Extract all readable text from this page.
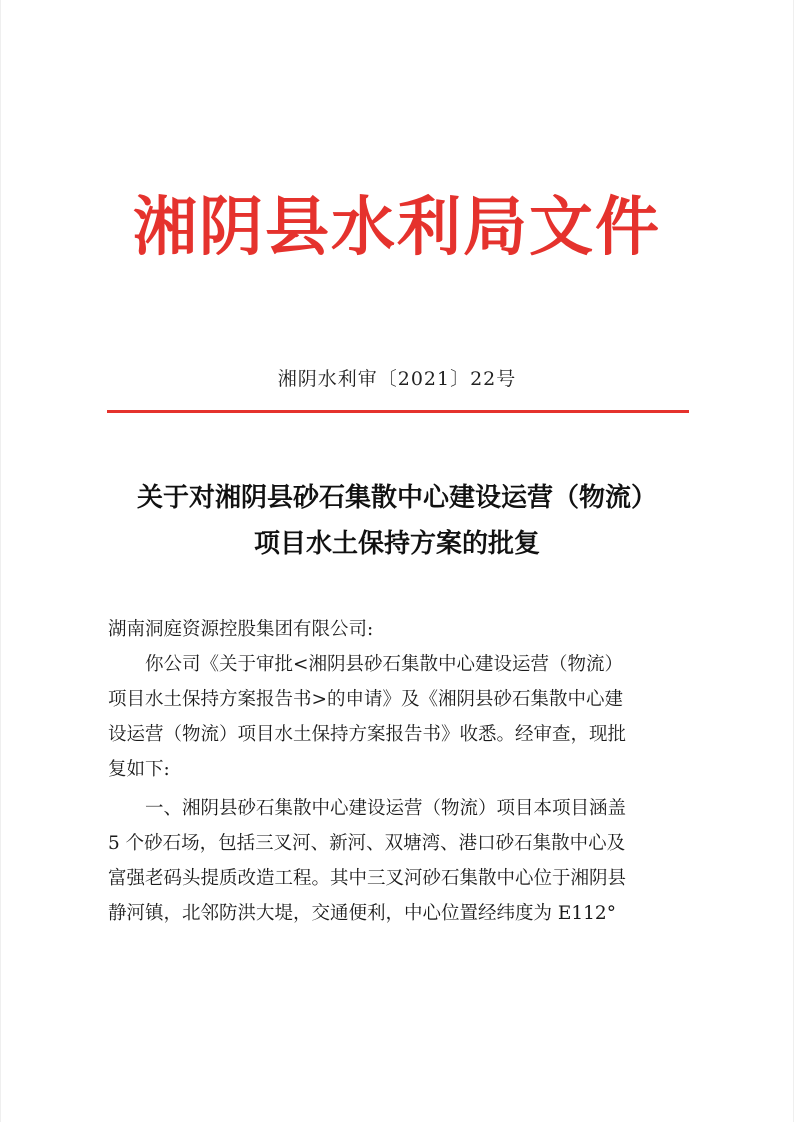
湘阴县水利局文件
湘阴水利审〔2021〕22号
关于对湘阴县砂石集散中心建设运营（物流）
项目水土保持方案的批复
湖南洞庭资源控股集团有限公司:
你公司《关于审批<湘阴县砂石集散中心建设运营（物流）
项目水土保持方案报告书>的申请》及《湘阴县砂石集散中心建
设运营（物流）项目水土保持方案报告书》收悉。经审查，现批
复如下:
一、湘阴县砂石集散中心建设运营（物流）项目本项目涵盖
5 个砂石场，包括三叉河、新河、双塘湾、港口砂石集散中心及
富强老码头提质改造工程。其中三叉河砂石集散中心位于湘阴县
静河镇，北邻防洪大堤，交通便利，中心位置经纬度为 E112°
